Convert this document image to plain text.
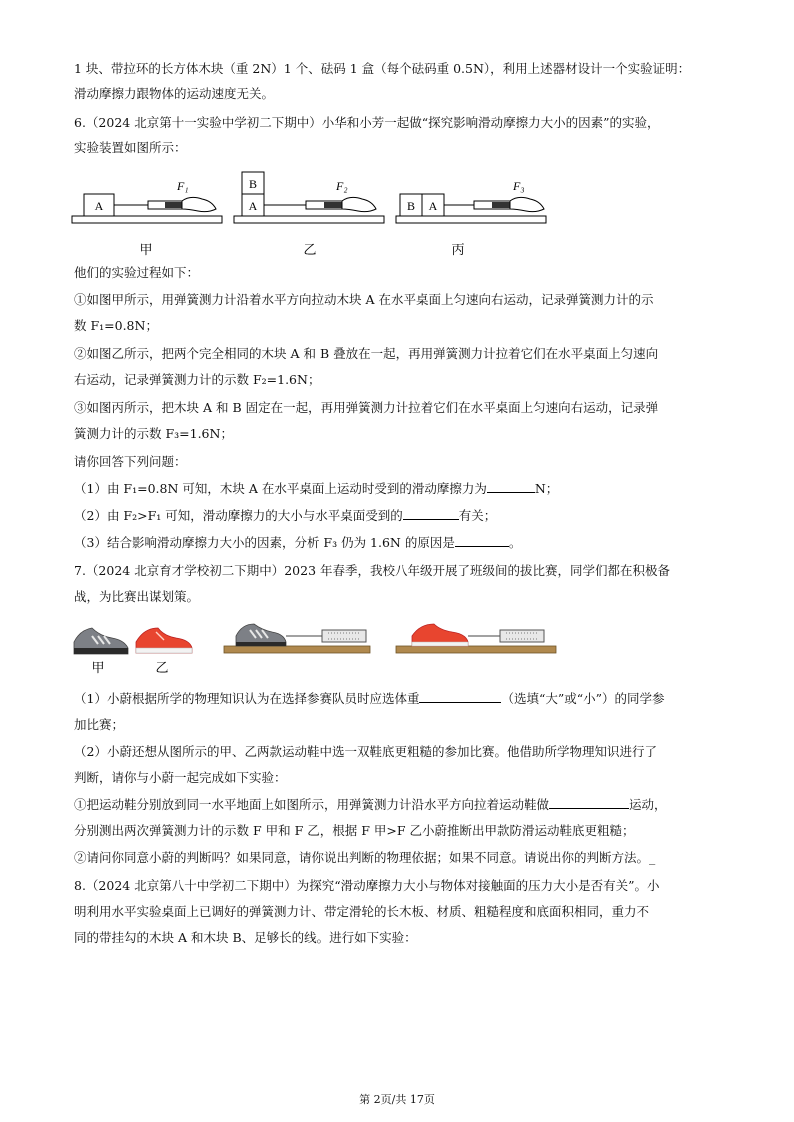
1 块、带拉环的长方体木块（重 2N）1 个、砝码 1 盒（每个砝码重 0.5N），利用上述器材设计一个实验证明：
滑动摩擦力跟物体的运动速度无关。
6.（2024 北京第十一实验中学初二下期中）小华和小芳一起做“探究影响滑动摩擦力大小的因素”的实验，
实验装置如图所示：
A
F₁
甲
B
A
F₂
乙
B A
F₃
丙
他们的实验过程如下：
①如图甲所示，用弹簧测力计沿着水平方向拉动木块 A 在水平桌面上匀速向右运动，记录弹簧测力计的示
数 F₁=0.8N；
②如图乙所示，把两个完全相同的木块 A 和 B 叠放在一起，再用弹簧测力计拉着它们在水平桌面上匀速向
右运动，记录弹簧测力计的示数 F₂=1.6N；
③如图丙所示，把木块 A 和 B 固定在一起，再用弹簧测力计拉着它们在水平桌面上匀速向右运动，记录弹
簧测力计的示数 F₃=1.6N；
请你回答下列问题：
（1）由 F₁=0.8N 可知，木块 A 在水平桌面上运动时受到的滑动摩擦力为	N；
（2）由 F₂>F₁ 可知，滑动摩擦力的大小与水平桌面受到的	有关；
（3）结合影响滑动摩擦力大小的因素，分析 F₃ 仍为 1.6N 的原因是	。
7.（2024 北京育才学校初二下期中）2023 年春季，我校八年级开展了班级间的拔比赛，同学们都在积极备
战，为比赛出谋划策。
甲	乙
（1）小蔚根据所学的物理知识认为在选择参赛队员时应选体重	（选填“大”或“小”）的同学参
加比赛；
（2）小蔚还想从图所示的甲、乙两款运动鞋中选一双鞋底更粗糙的参加比赛。他借助所学物理知识进行了
判断，请你与小蔚一起完成如下实验：
①把运动鞋分别放到同一水平地面上如图所示，用弹簧测力计沿水平方向拉着运动鞋做	运动，
分别测出两次弹簧测力计的示数 F 甲和 F 乙，根据 F 甲>F 乙小蔚推断出甲款防滑运动鞋底更粗糙；
②请问你同意小蔚的判断吗？如果同意，请你说出判断的物理依据；如果不同意。请说出你的判断方法。_
8.（2024 北京第八十中学初二下期中）为探究“滑动摩擦力大小与物体对接触面的压力大小是否有关”。小
明利用水平实验桌面上已调好的弹簧测力计、带定滑轮的长木板、材质、粗糙程度和底面积相同，重力不
同的带挂勾的木块 A 和木块 B、足够长的线。进行如下实验：
第 2页/共 17页
